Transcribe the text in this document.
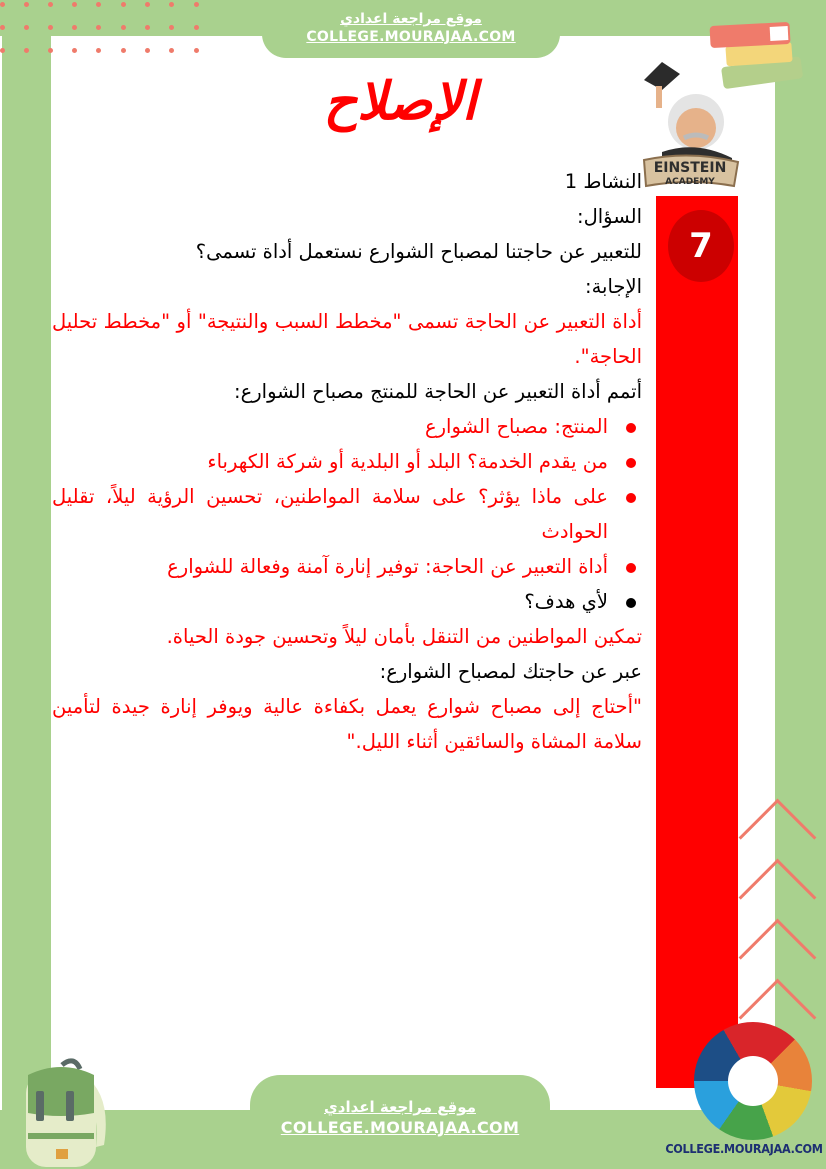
موقع مراجعة اعدادي
COLLEGE.MOURAJAA.COM
الإصلاح
EINSTEIN
ACADEMY
7

النشاط 1

السؤال:

للتعبير عن حاجتنا لمصباح الشوارع نستعمل أداة تسمى؟

الإجابة:

أداة التعبير عن الحاجة تسمى "مخطط السبب والنتيجة" أو "مخطط تحليل الحاجة".

أتمم أداة التعبير عن الحاجة للمنتج مصباح الشوارع:

المنتج: مصباح الشوارع
من يقدم الخدمة؟ البلد أو البلدية أو شركة الكهرباء
على ماذا يؤثر؟ على سلامة المواطنين، تحسين الرؤية ليلاً، تقليل الحوادث
أداة التعبير عن الحاجة: توفير إنارة آمنة وفعالة للشوارع
لأي هدف؟

تمكين المواطنين من التنقل بأمان ليلاً وتحسين جودة الحياة.

عبر عن حاجتك لمصباح الشوارع:

"أحتاج إلى مصباح شوارع يعمل بكفاءة عالية ويوفر إنارة جيدة لتأمين سلامة المشاة والسائقين أثناء الليل."

موقع مراجعة اعدادي
COLLEGE.MOURAJAA.COM
COLLEGE.MOURAJAA.COM
